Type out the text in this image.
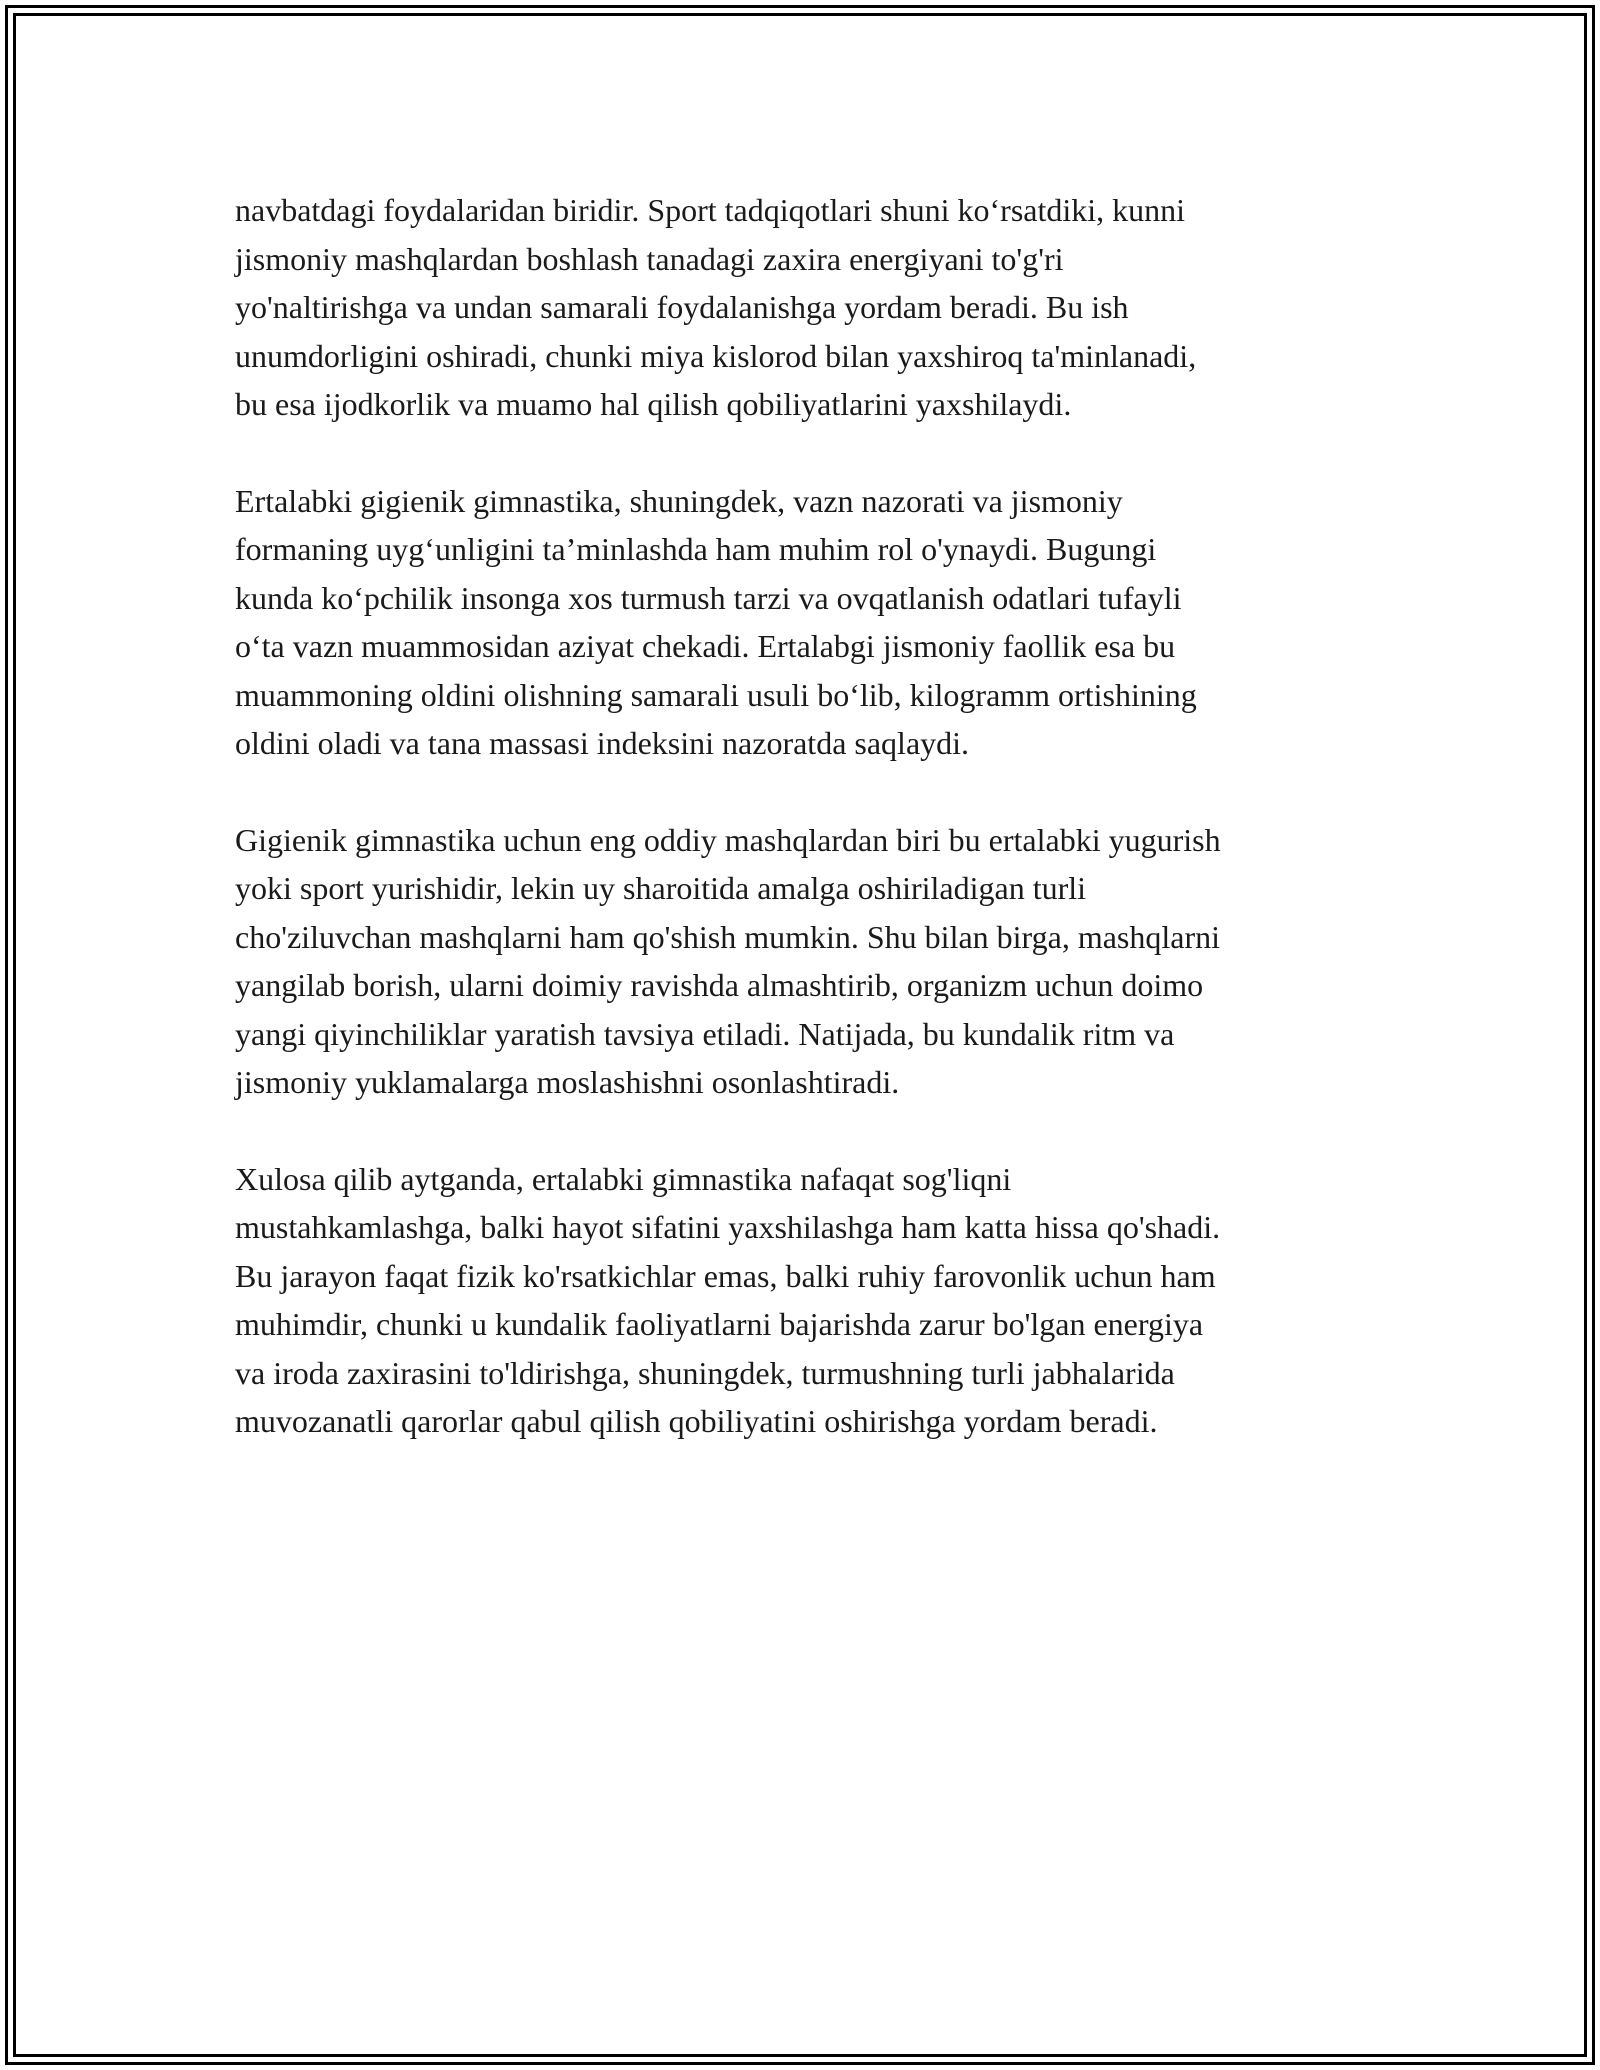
navbatdagi foydalaridan biridir. Sport tadqiqotlari shuni ko‘rsatdiki, kunni
jismoniy mashqlardan boshlash tanadagi zaxira energiyani to'g'ri
yo'naltirishga va undan samarali foydalanishga yordam beradi. Bu ish
unumdorligini oshiradi, chunki miya kislorod bilan yaxshiroq ta'minlanadi,
bu esa ijodkorlik va muamo hal qilish qobiliyatlarini yaxshilaydi.

Ertalabki gigienik gimnastika, shuningdek, vazn nazorati va jismoniy
formaning uyg‘unligini ta’minlashda ham muhim rol o'ynaydi. Bugungi
kunda ko‘pchilik insonga xos turmush tarzi va ovqatlanish odatlari tufayli
o‘ta vazn muammosidan aziyat chekadi. Ertalabgi jismoniy faollik esa bu
muammoning oldini olishning samarali usuli bo‘lib, kilogramm ortishining
oldini oladi va tana massasi indeksini nazoratda saqlaydi.

Gigienik gimnastika uchun eng oddiy mashqlardan biri bu ertalabki yugurish
yoki sport yurishidir, lekin uy sharoitida amalga oshiriladigan turli
cho'ziluvchan mashqlarni ham qo'shish mumkin. Shu bilan birga, mashqlarni
yangilab borish, ularni doimiy ravishda almashtirib, organizm uchun doimo
yangi qiyinchiliklar yaratish tavsiya etiladi. Natijada, bu kundalik ritm va
jismoniy yuklamalarga moslashishni osonlashtiradi.

Xulosa qilib aytganda, ertalabki gimnastika nafaqat sog'liqni
mustahkamlashga, balki hayot sifatini yaxshilashga ham katta hissa qo'shadi.
Bu jarayon faqat fizik ko'rsatkichlar emas, balki ruhiy farovonlik uchun ham
muhimdir, chunki u kundalik faoliyatlarni bajarishda zarur bo'lgan energiya
va iroda zaxirasini to'ldirishga, shuningdek, turmushning turli jabhalarida
muvozanatli qarorlar qabul qilish qobiliyatini oshirishga yordam beradi.
